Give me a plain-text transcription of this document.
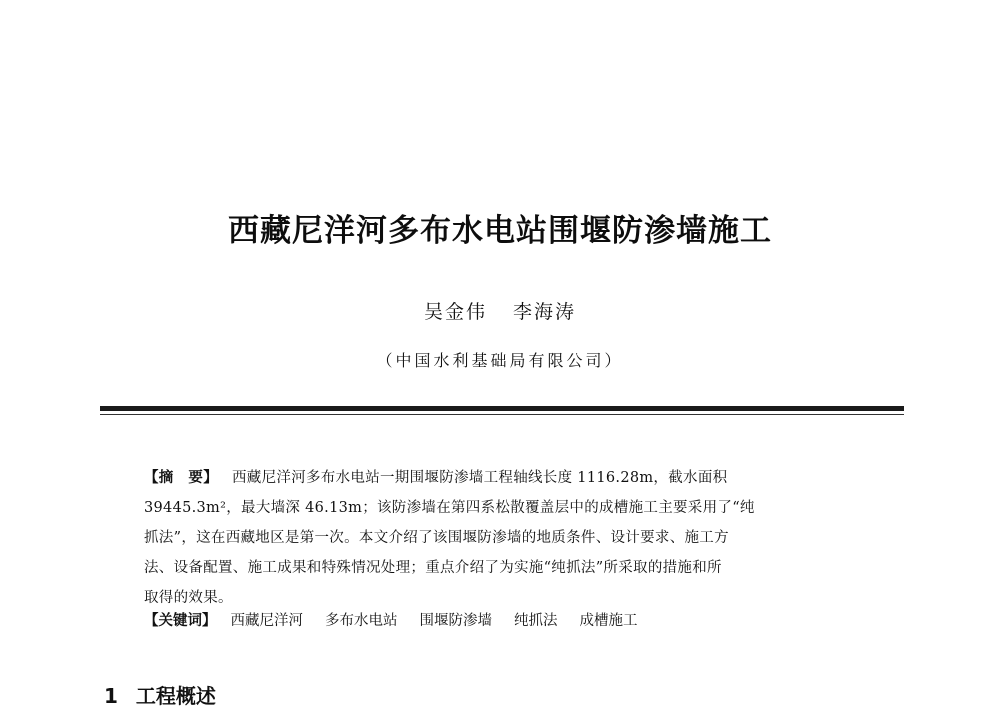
西藏尼洋河多布水电站围堰防渗墙施工
吴金伟 李海涛
（中国水利基础局有限公司）
【摘　要】 西藏尼洋河多布水电站一期围堰防渗墙工程轴线长度 1116.28m，截水面积
39445.3m²，最大墙深 46.13m；该防渗墙在第四系松散覆盖层中的成槽施工主要采用了“纯
抓法”，这在西藏地区是第一次。本文介绍了该围堰防渗墙的地质条件、设计要求、施工方
法、设备配置、施工成果和特殊情况处理；重点介绍了为实施“纯抓法”所采取的措施和所
取得的效果。
【关键词】 西藏尼洋河 多布水电站 围堰防渗墙 纯抓法 成槽施工
1 工程概述
